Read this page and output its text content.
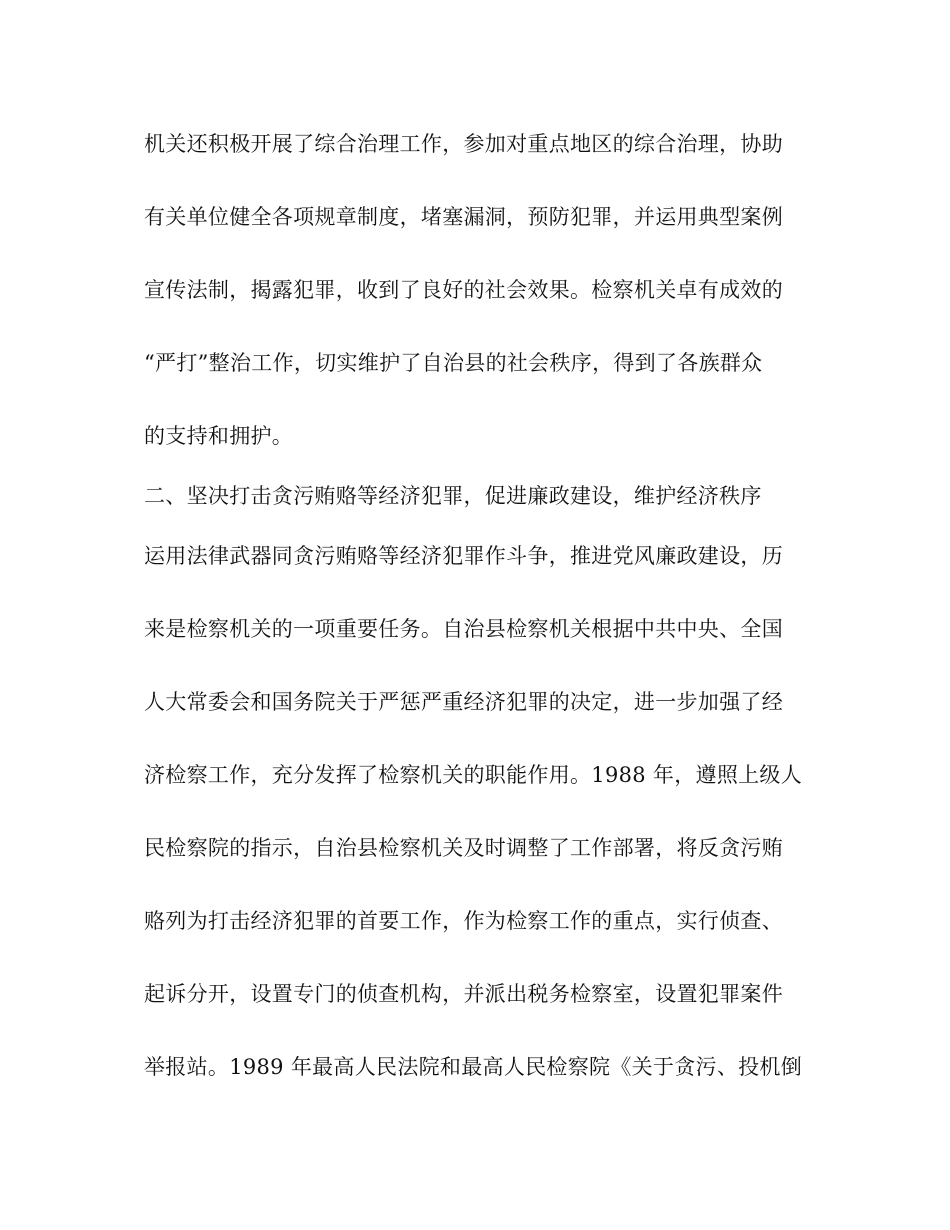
机关还积极开展了综合治理工作，参加对重点地区的综合治理，协助
有关单位健全各项规章制度，堵塞漏洞，预防犯罪，并运用典型案例
宣传法制，揭露犯罪，收到了良好的社会效果。检察机关卓有成效的
“严打”整治工作，切实维护了自治县的社会秩序，得到了各族群众
的支持和拥护。
二、坚决打击贪污贿赂等经济犯罪，促进廉政建设，维护经济秩序
运用法律武器同贪污贿赂等经济犯罪作斗争，推进党风廉政建设，历
来是检察机关的一项重要任务。自治县检察机关根据中共中央、全国
人大常委会和国务院关于严惩严重经济犯罪的决定，进一步加强了经
济检察工作，充分发挥了检察机关的职能作用。1988 年，遵照上级人
民检察院的指示，自治县检察机关及时调整了工作部署，将反贪污贿
赂列为打击经济犯罪的首要工作，作为检察工作的重点，实行侦查、
起诉分开，设置专门的侦查机构，并派出税务检察室，设置犯罪案件
举报站。1989 年最高人民法院和最高人民检察院《关于贪污、投机倒
